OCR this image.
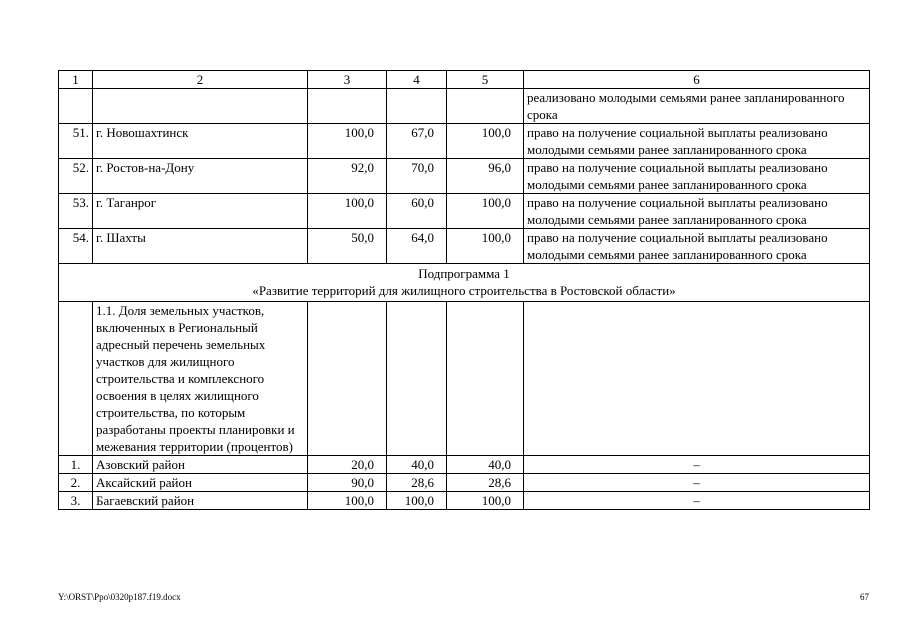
1	2	3	4	5	6
					реализовано молодыми семьями ранее запланированного срока
51.	г. Новошахтинск	100,0	67,0	100,0	право на получение социальной выплаты реализовано молодыми семьями ранее запланированного срока
52.	г. Ростов-на-Дону	92,0	70,0	96,0	право на получение социальной выплаты реализовано молодыми семьями ранее запланированного срока
53.	г. Таганрог	100,0	60,0	100,0	право на получение социальной выплаты реализовано молодыми семьями ранее запланированного срока
54.	г. Шахты	50,0	64,0	100,0	право на получение социальной выплаты реализовано молодыми семьями ранее запланированного срока

Подпрограмма 1
«Развитие территорий для жилищного строительства в Ростовской области»					

	1.1. Доля земельных участков, включенных в Региональный адресный перечень земельных участков для жилищного строительства и комплексного освоения в целях жилищного строительства, по которым разработаны проекты планировки и межевания территории (процентов)				
1.	Азовский район	20,0	40,0	40,0	–
2.	Аксайский район	90,0	28,6	28,6	–
3.	Багаевский район	100,0	100,0	100,0	–
Y:\ORST\Ppo\0320p187.f19.docx	67
